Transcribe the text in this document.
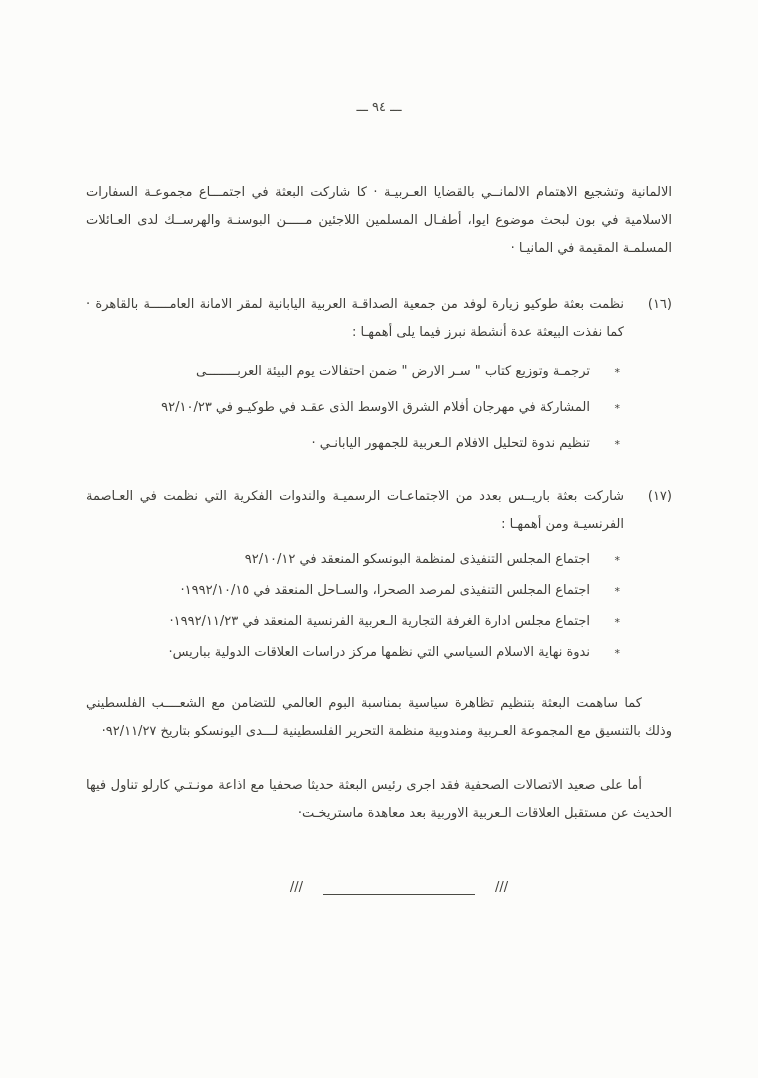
ـــ ٩٤ ـــ

الالمانية وتشجيع الاهتمام الالمانــي بالقضايا العـربيـة · كا شاركت البعثة في اجتمـــاع مجموعـة السفارات الاسلامية في بون لبحث موضوع ايوا، أطفـال المسلمين اللاجئين مـــــن البوسنـة والهرســك لدى العـائلات المسلمـة المقيمة في المانيـا ·

(١٦)
نظمت بعثة طوكيو زيارة لوفد من جمعية الصداقـة العربية اليابانية لمقر الامانة العامـــــة بالقاهرة · كما نفذت البيعثة عدة أنشطة نبرز فيما يلى أهمهـا :
*
ترجمـة وتوزيع كتاب " سـر الارض " ضمن احتفالات يوم البيئة العربــــــــى
*
المشاركة في مهرجان أفلام الشرق الاوسط الذى عقـد في طوكيـو في ٩٢/١٠/٢٣
*
تنظيم ندوة لتحليل الافلام الـعربية للجمهور اليابانـي ·
(١٧)
شاركت بعثة باريــس بعدد من الاجتماعـات الرسميـة والندوات الفكرية التي نظمت في العـاصمة الفرنسيـة ومن أهمهـا :
*
اجتماع المجلس التنفيذى لمنظمة البونسكو المنعقد في ٩٢/١٠/١٢
*
اجتماع المجلس التنفيذى لمرصد الصحرا، والسـاحل المنعقد في ١٩٩٢/١٠/١٥·
*
اجتماع مجلس ادارة الغرفة التجارية الـعربية الفرنسية المنعقد في ١٩٩٢/١١/٢٣·
*
ندوة نهاية الاسلام السياسي التي نظمها مركز دراسات العلاقات الدولية بباريس·

كما ساهمت البعثة بتنظيم تظاهرة سياسية بمناسبة البوم العالمي للتضامن مع الشعــــب الفلسطيني وذلك بالتنسيق مع المجموعة العـربية ومندوبية منظمة التحرير الفلسطينية لـــدى اليونسكو بتاريخ ٩٢/١١/٢٧·

أما على صعيد الاتصالات الصحفية فقد اجرى رئيس البعثة حديثا صحفيا مع اذاعة مونـتـي كارلو تناول فيها الحديث عن مستقبل العلاقات الـعربية الاوربية بعد معاهدة ماستريخـت·

///
///
